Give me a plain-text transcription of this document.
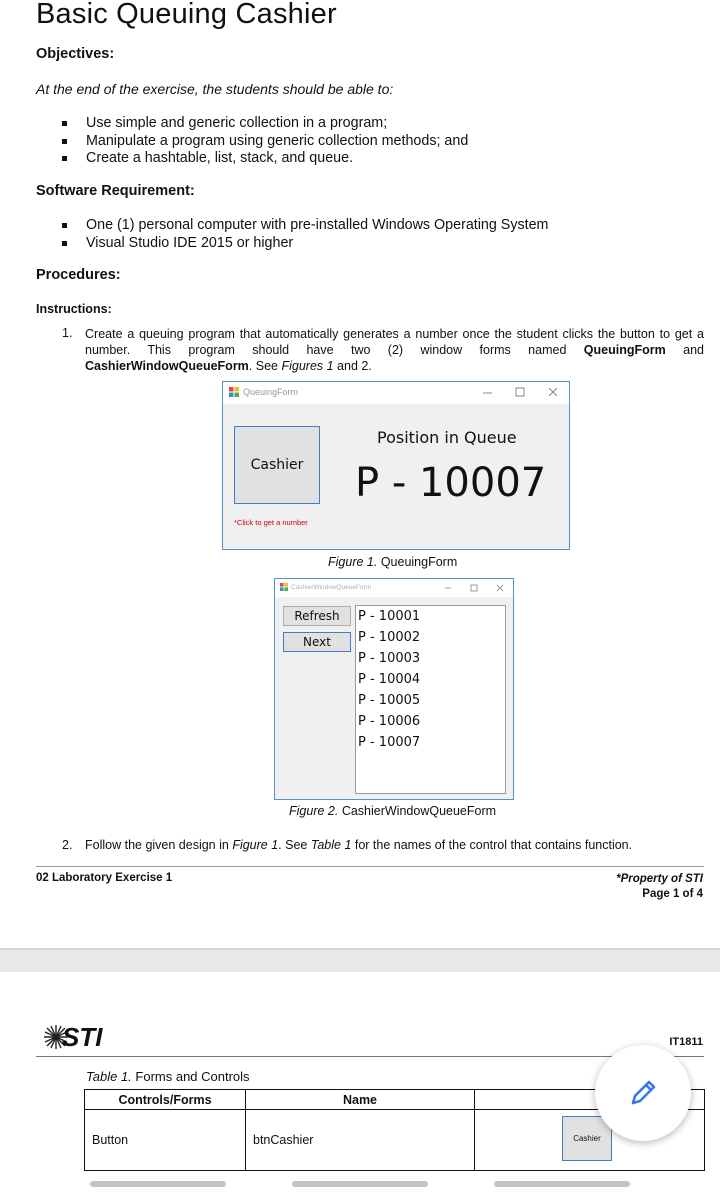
Basic Queuing Cashier
Objectives:
At the end of the exercise, the students should be able to:
Use simple and generic collection in a program;
Manipulate a program using generic collection methods; and
Create a hashtable, list, stack, and queue.
Software Requirement:
One (1) personal computer with pre-installed Windows Operating System
Visual Studio IDE 2015 or higher
Procedures:
Instructions:
1. Create a queuing program that automatically generates a number once the student clicks the button to get a number. This program should have two (2) window forms named QueuingForm and CashierWindowQueueForm. See Figures 1 and 2.
QueuingForm
Cashier
Position in Queue
P - 10007
*Click to get a number
Figure 1. QueuingForm
CashierWindowQueueForm
Refresh
Next
P - 10001
P - 10002
P - 10003
P - 10004
P - 10005
P - 10006
P - 10007
Figure 2. CashierWindowQueueForm
2. Follow the given design in Figure 1. See Table 1 for the names of the control that contains function.
02 Laboratory Exercise 1	*Property of STI
Page 1 of 4
STI	IT1811
Table 1. Forms and Controls
Controls/Forms	Name	
Button	btnCashier		Cashier
